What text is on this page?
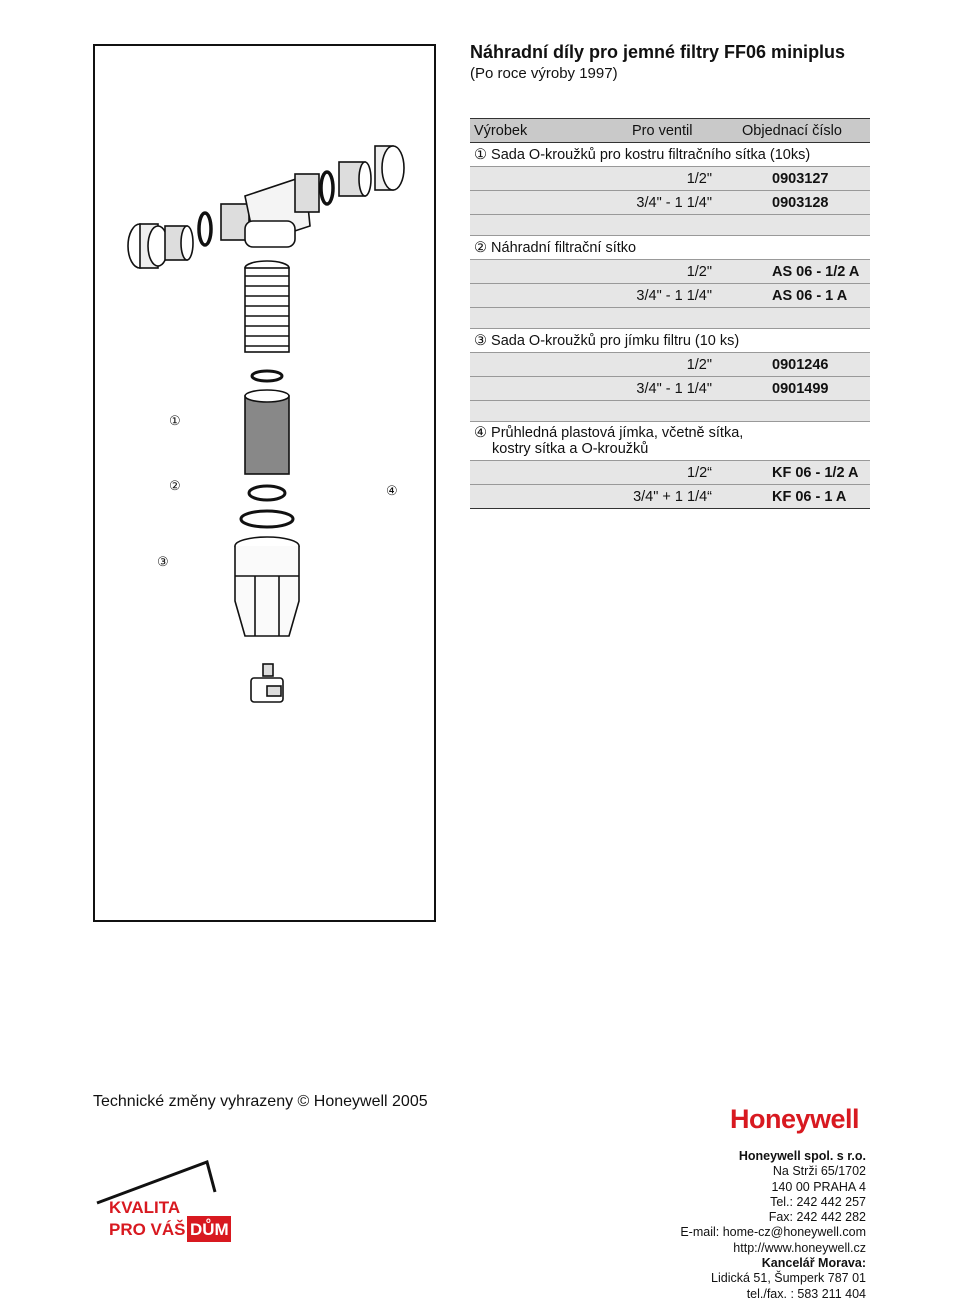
①
②
③
④
Náhradní díly pro jemné filtry FF06 miniplus
(Po roce výroby 1997)
Výrobek	Pro ventil	Objednací číslo
① Sada O-kroužků pro kostru filtračního sítka (10ks)		
	1/2"	0903127
	3/4" - 1 1/4"	0903128

② Náhradní filtrační sítko		
	1/2"	AS 06 - 1/2 A
	3/4" - 1 1/4"	AS 06 - 1 A

③ Sada O-kroužků pro jímku filtru (10 ks)		
	1/2"	0901246
	3/4" - 1 1/4"	0901499

④ Průhledná plastová jímka, včetně sítka,
kostry sítka a O-kroužků		

	1/2“	KF 06 - 1/2 A
	3/4" + 1 1/4“	KF 06 - 1 A
Technické změny vyhrazeny © Honeywell 2005
Honeywell
KVALITA
PRO VÁŠ DŮM
Honeywell spol. s r.o.
Na Strži 65/1702
140 00 PRAHA 4
Tel.: 242 442 257
Fax: 242 442 282
E-mail: home-cz@honeywell.com
http://www.honeywell.cz
Kancelář Morava:
Lidická 51, Šumperk 787 01
tel./fax. : 583 211 404
